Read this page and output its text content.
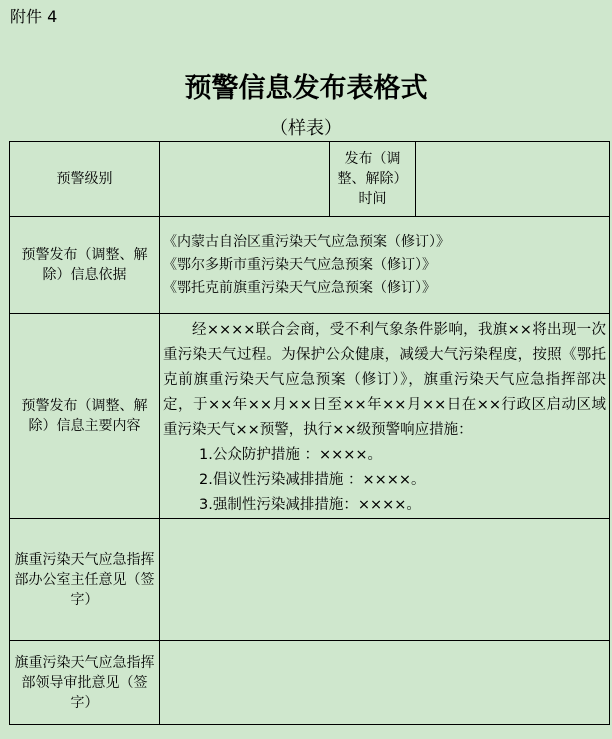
附件 4
预警信息发布表格式
（样表）
预警级别		发布（调整、解除）时间	
预警发布（调整、解除）信息依据	《内蒙古自治区重污染天气应急预案（修订）》
《鄂尔多斯市重污染天气应急预案（修订）》
《鄂托克前旗重污染天气应急预案（修订）》		

预警发布（调整、解除）信息主要内容	经××××联合会商，受不利气象条件影响，我旗××将出现一次重污染天气过程。为保护公众健康，减缓大气污染程度，按照《鄂托克前旗重污染天气应急预案（修订）》，旗重污染天气应急指挥部决定，于××年××月××日至××年××月××日在××行政区启动区域重污染天气××预警，执行××级预警响应措施：
1.公众防护措施 ：××××。
2.倡议性污染减排措施 ：××××。
3.强制性污染减排措施：××××。		

旗重污染天气应急指挥部办公室主任意见（签字）			
旗重污染天气应急指挥部领导审批意见（签字）			
